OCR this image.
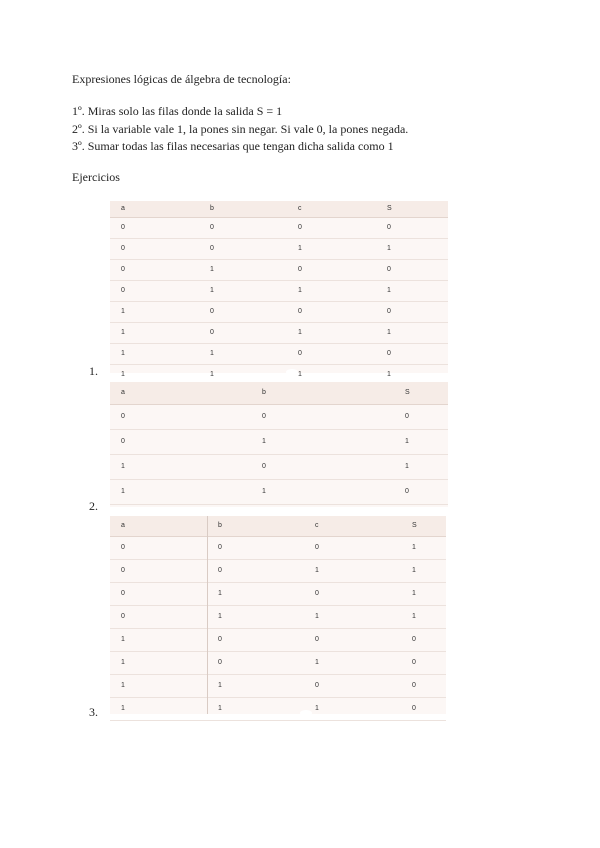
Expresiones lógicas de álgebra de tecnología:
1º. Miras solo las filas donde la salida S = 1
2º. Si la variable vale 1, la pones sin negar. Si vale 0, la pones negada.
3º. Sumar todas las filas necesarias que tengan dicha salida como 1
Ejercicios
1.
a	b	c	S
0	0	0	0
0	0	1	1
0	1	0	0
0	1	1	1
1	0	0	0
1	0	1	1
1	1	0	0
1	1	1	1
2.
a	b	S
0	0	0
0	1	1
1	0	1
1	1	0
3.
a	b	c	S
0	0	0	1
0	0	1	1
0	1	0	1
0	1	1	1
1	0	0	0
1	0	1	0
1	1	0	0
1	1	1	0
